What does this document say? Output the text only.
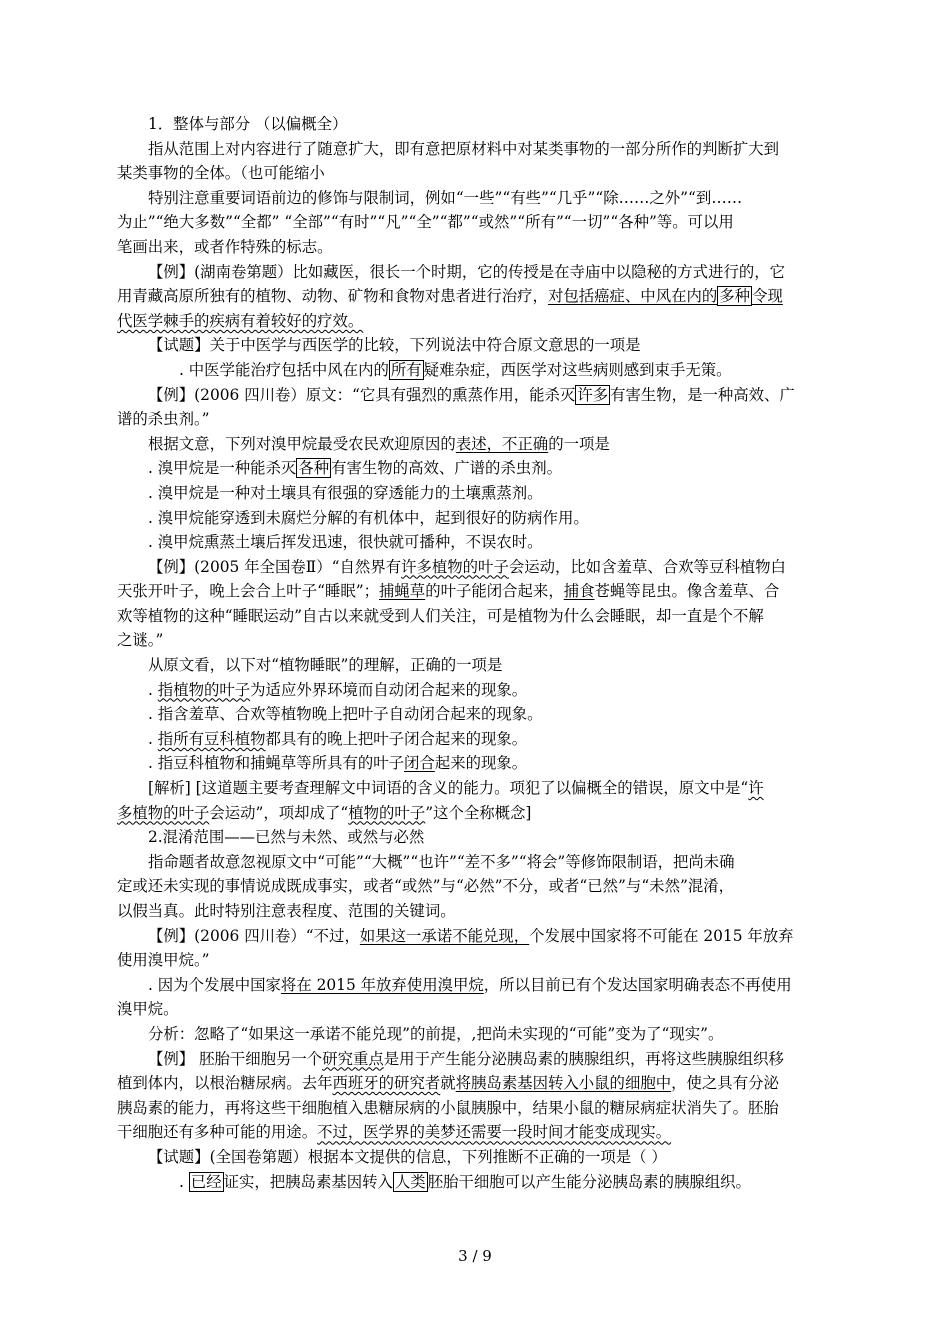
1．整体与部分 （以偏概全）

指从范围上对内容进行了随意扩大，即有意把原材料中对某类事物的一部分所作的判断扩大到

某类事物的全体。（也可能缩小

特别注意重要词语前边的修饰与限制词，例如“一些”“有些”“几乎”“除……之外”“到……

为止”“绝大多数”“全都” “全部”“有时”“凡”“全”“都”“或然”“所有”“一切”“各种”等。可以用

笔画出来，或者作特殊的标志。

【例】(湖南卷第题）比如藏医，很长一个时期，它的传授是在寺庙中以隐秘的方式进行的，它

用青藏高原所独有的植物、动物、矿物和食物对患者进行治疗，对包括癌症、中风在内的 多种 令现

代医学棘手的疾病有着较好的疗效。

【试题】关于中医学与西医学的比较，下列说法中符合原文意思的一项是

. 中医学能治疗包括中风在内的 所有 疑难杂症，西医学对这些病则感到束手无策。

【例】(2006 四川卷）原文：“它具有强烈的熏蒸作用，能杀灭 许多 有害生物，是一种高效、广

谱的杀虫剂。”

根据文意，下列对溴甲烷最受农民欢迎原因的表述，不正确的一项是

. 溴甲烷是一种能杀灭 各种 有害生物的高效、广谱的杀虫剂。

. 溴甲烷是一种对土壤具有很强的穿透能力的土壤熏蒸剂。

. 溴甲烷能穿透到未腐烂分解的有机体中，起到很好的防病作用。

. 溴甲烷熏蒸土壤后挥发迅速，很快就可播种，不误农时。

【例】(2005 年全国卷Ⅱ）“自然界有许多植物的叶子会运动，比如含羞草、合欢等豆科植物白

天张开叶子，晚上会合上叶子“睡眠”；捕蝇草的叶子能闭合起来，捕食苍蝇等昆虫。像含羞草、合

欢等植物的这种“睡眠运动”自古以来就受到人们关注，可是植物为什么会睡眠，却一直是个不解

之谜。”

从原文看，以下对“植物睡眠”的理解，正确的一项是

. 指植物的叶子为适应外界环境而自动闭合起来的现象。

. 指含羞草、合欢等植物晚上把叶子自动闭合起来的现象。

. 指所有豆科植物都具有的晚上把叶子闭合起来的现象。

. 指豆科植物和捕蝇草等所具有的叶子闭合起来的现象。

[解析] [这道题主要考查理解文中词语的含义的能力。项犯了以偏概全的错误，原文中是“许

多植物的叶子会运动”，项却成了“植物的叶子”这个全称概念]

2.混淆范围——已然与未然、或然与必然

指命题者故意忽视原文中“可能”“大概”“也许”“差不多”“将会”等修饰限制语，把尚未确

定或还未实现的事情说成既成事实，或者“或然”与“必然”不分，或者“已然”与“未然”混淆，

以假当真。此时特别注意表程度、范围的关键词。

【例】(2006 四川卷）“不过，如果这一承诺不能兑现，个发展中国家将不可能在 2015 年放弃

使用溴甲烷。”

. 因为个发展中国家将在 2015 年放弃使用溴甲烷，所以目前已有个发达国家明确表态不再使用

溴甲烷。

分析：忽略了“如果这一承诺不能兑现”的前提，,把尚未实现的“可能”变为了“现实”。

【例】 胚胎干细胞另一个研究重点是用于产生能分泌胰岛素的胰腺组织，再将这些胰腺组织移

植到体内，以根治糖尿病。去年西班牙的研究者就将胰岛素基因转入小鼠的细胞中，使之具有分泌

胰岛素的能力，再将这些干细胞植入患糖尿病的小鼠胰腺中，结果小鼠的糖尿病症状消失了。胚胎

干细胞还有多种可能的用途。不过，医学界的美梦还需要一段时间才能变成现实。

【试题】(全国卷第题）根据本文提供的信息，下列推断不正确的一项是（ ）

. 已经 证实，把胰岛素基因转入 人类 胚胎干细胞可以产生能分泌胰岛素的胰腺组织。

3 / 9
